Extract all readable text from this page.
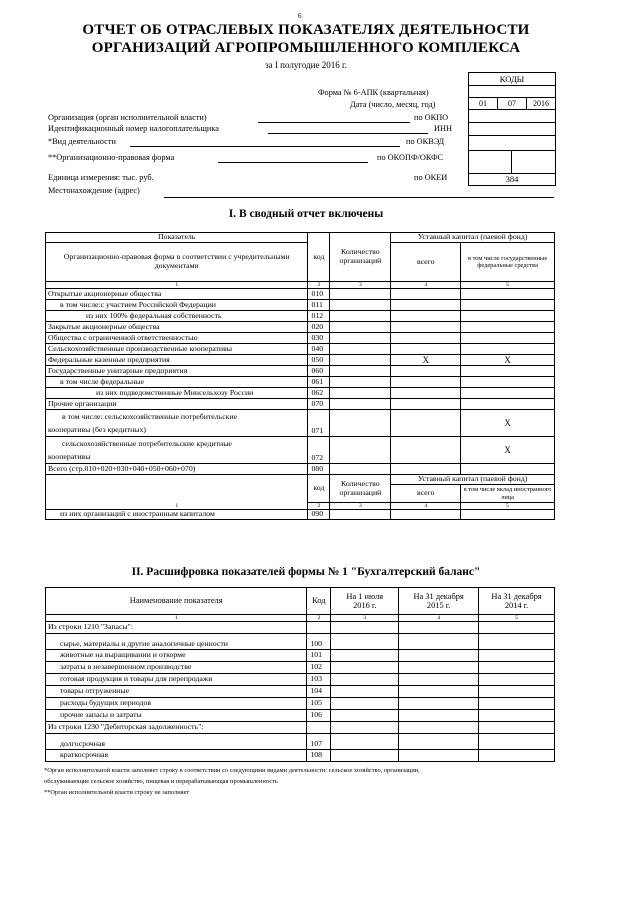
6
ОТЧЕТ ОБ ОТРАСЛЕВЫХ ПОКАЗАТЕЛЯХ ДЕЯТЕЛЬНОСТИ
ОРГАНИЗАЦИЙ АГРОПРОМЫШЛЕННОГО КОМПЛЕКСА
за I полугодие 2016 г.
КОДЫ
01	07	2016
384
Форма № 6-АПК (квартальная)
Дата (число, месяц, год)
Организация (орган исполнительной власти)	по ОКПО
Идентификационный номер налогоплательщика	ИНН
*Вид деятельности	по ОКВЭД
**Организационно-правовая форма	по ОКОПФ/ОКФС
Единица измерения: тыс. руб.	по ОКЕИ
Местонахождение (адрес)
I. В сводный отчет включены
Показатель	код	Количество организаций	Уставный капитал (паевой фонд)	
Организационно-правовая форма в соответствии с учредительными документами			всего	в том числе государственные федеральные средства
1	2	3	4	5
Открытые акционерные общества	010			
в том числе:с участием Российской Федерации	011			
из них 100% федеральная собственность	012			
Закрытые акционерные общества	020			
Общества с ограниченной ответственностью	030			
Сельскохозяйственные производственные кооперативы	040			
Федеральные казенные предприятия	050		X	X
Государственные унитарные предприятия	060			
в том числе федеральные	061			
из них подведомственные Минсельхозу России	062			
Прочие организации	070			
в том числе: сельскохозяйственные потребительские
кооперативы (без кредитных)	071			X
сельскохозяйственные потребительские кредитные
кооперативы	072			X
Всего (стр.010+020+030+040+050+060+070)	080			
	код	Количество организаций	Уставный капитал (паевой фонд)	
			всего	в том числе вклад иностранного лица
1	2	3	4	5
из них организаций с иностранным капиталом	090			
II. Расшифровка показателей формы № 1 "Бухгалтерский баланс"
Наименование показателя	Код	На 1 июля 2016 г.	На 31 декабря 2015 г.	На 31 декабря 2014 г.
1	2	3	4	5
Из строки 1210 "Запасы":				
сырье, материалы и другие аналогичные ценности	100			
животные на выращивании и откорме	101			
затраты в незавершенном производстве	102			
готовая продукция и товары для перепродажи	103			
товары отгруженные	104			
расходы будущих периодов	105			
прочие запасы и затраты	106			
Из строки 1230 "Дебиторская задолженность":				
долгосрочная	107			
краткосрочная	108			
*Орган исполнительной власти заполняет строку в соответствии со следующими видами деятельности: сельское хозяйство, организации,
обслуживающие сельское хозяйство, пищевая и перерабатывающая промышленность
**Орган исполнительной власти строку не заполняет
